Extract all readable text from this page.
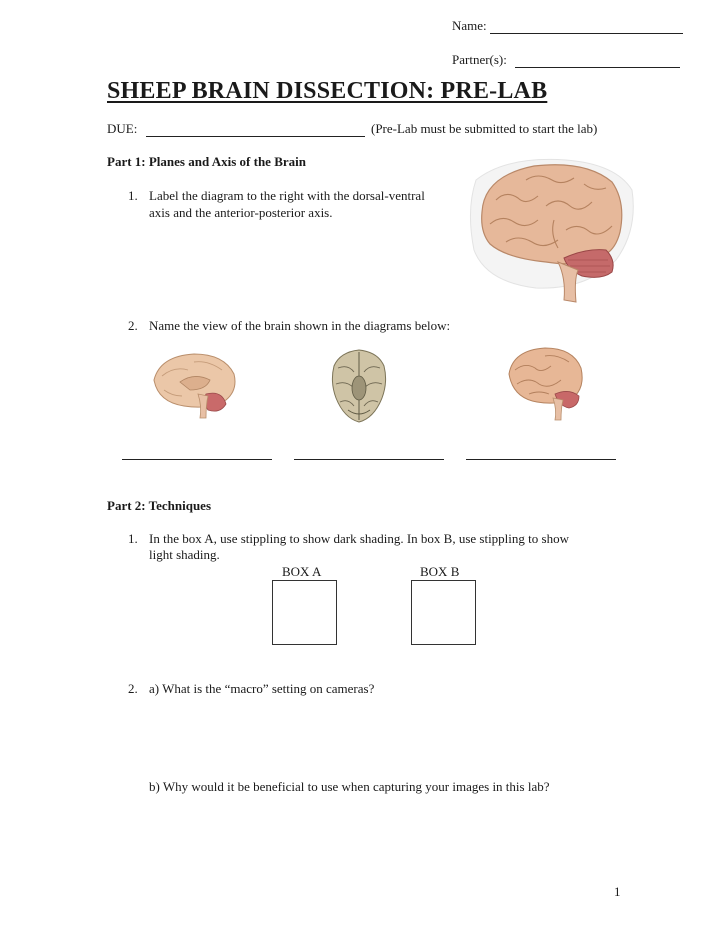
Name:
Partner(s):
SHEEP BRAIN DISSECTION: PRE-LAB
DUE:	(Pre-Lab must be submitted to start the lab)
Part 1: Planes and Axis of the Brain
1. Label the diagram to the right with the dorsal-ventral
axis and the anterior-posterior axis.
2. Name the view of the brain shown in the diagrams below:
Part 2: Techniques
1. In the box A, use stippling to show dark shading. In box B, use stippling to show
light shading.
BOX A	BOX B
2. a) What is the “macro” setting on cameras?
b) Why would it be beneficial to use when capturing your images in this lab?
1
